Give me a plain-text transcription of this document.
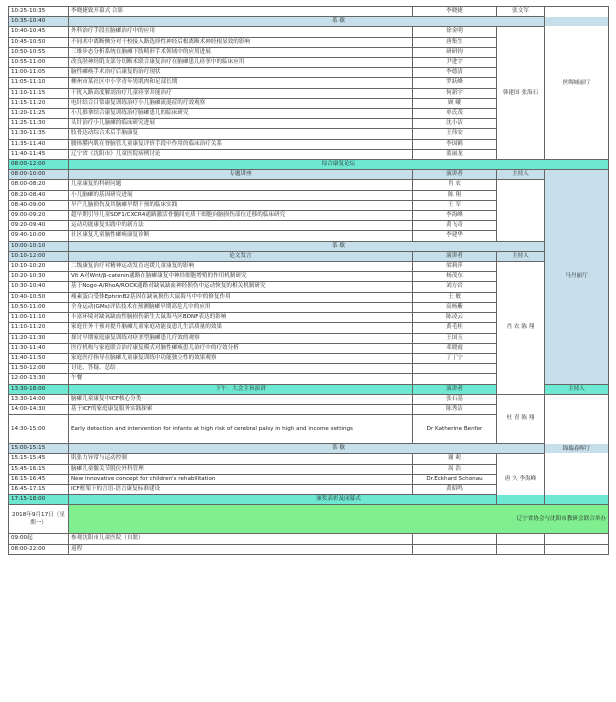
10:25-10:35	李晓捷致开幕式 合影	李晓捷	张文军	丝绸城丽厅	
10:35-10:40	茶 歇				
10:40-10:45	外科治疗手段在脑瘫治疗中的应用	徐金明	韩建国 张海石		
10:45-10:50	不同术中离断侧分对干校接入路选择性神经后根离断术神经根显效的影响	唐集生			
10:50-10:55	三维步态分析系统在脑瘫下肢畸形手术领域中的应用进展	研研钧			
10:55-11:00	改良胫神经肌支部分切断术联合康复治疗在脑瘫患儿痉挛中的临床应用	尹进宇			
11:00-11:05	脑性瘫痪手术治疗后康复的治疗现状	李德清			
11:05-11:10	柳州市某社区中小学青年男肌肉和足部长期	罗跃峰			
11:10-11:15	干扰入路高度解剖治疗儿童痉挛并能治疗	何新宇			
11:15-11:20	电针结合日常康复训练治疗小儿脑瘫流涎症的疗效观察	顾 曦			
11:20-11:25	小儿推拿结合康复训练治疗脑瘫患儿的临床研究	单氏茂			
11:25-11:30	头针治疗小儿脑瘫的临床研究进展	沈小洁			
11:30-11:35	肢骨达动综合术后手脑康复	王伟安			
11:35-11:40	腰体膜内肌在脊脑管儿童康复评价手段中作用的临床治疗关系	李国鹤			
11:40-11:45	辽宁省《沈阳市》儿童医院病例讨论	蓝丽龙			
08:00-12:00	综合康复论坛				
08:00-10:00	专题讲座	演讲者	主持人	马丹丽厅	
08:00-08:20	儿童康复的科研问题	肖 农			
08:20-08:40	小儿脑瘫的基因研究进展	陈 翔			
08:40-09:00	早产儿脑损伤及其脑瘫早期干预的临床实践	王 军			
09:00-09:20	超早期引导儿童SDF1/CXCR4通路激活骨髓间充质干细胞向脑损伤部位迁移的临床研究	李海峰			
09:20-09:40	运动功能康复实践中的新方法	黄飞奇			
09:40-10:00	社区康复儿童脑性瘫痪康复诊断	李建华			
10:00-10:10	茶 歇				
10:10-12:00	论文发言	演讲者	主持人		
10:10-10:20	二级康复治疗对精神运动发育迟缓儿童康复的影响	梁莉萍	肖 农 陈 翔		
10:20-10:30	Vit A对Wnt/β-catenin通路在脑瘫康复中神经细胞增殖的作用机制研究	杨茂东			
10:30-10:40	基于Nogo-A/RhoA/ROCK通路对缺氧缺血神经损伤中运动恢复的相关机制研究	刘方岩			
10:40-10:50	瘦素蛋白受体EphrinB2基因在缺氧损伤大鼠海马中中的修复作用	王 敏			
10:50-11:00	全身运动(GMs)评估技术在预测脑瘫早期高危儿中的应用	高杨紫			
11:00-11:10	丰富环境对缺氧缺血性脑损伤新生大鼠海马区BDNF表达的影响	陈凌云			
11:10-11:20	家庭任务干预对提升脑瘫儿童家庭功能及患儿生活质量的效果	黄毛桂			
11:20-11:30	探讨早期家庭康复训练对痉挛型脑瘫患儿疗效的观察	王国玉			
11:30-11:40	医疗机构与家庭联合治疗康复模式对脑性瘫痪患儿治疗中的疗效分析	邓晓霞			
11:40-11:50	家庭医疗指导在脑瘫儿童康复训练中功能独立性的效果观察	丁丁宁			
11:50-12:00	讨论、答疑、总结				
12:00-13:30	午餐				
13:30-18:00	下午：大会主旨演讲	演讲者		主持人	
13:30-14:00	脑瘫儿童康复中ICF核心分类	张石基	杜 青 陈 翔	锦瑞春晖厅	
14:00-14:30	基于ICF的家庭康复服务实践探索	陈秀洁			
14:30-15:00	Early detection and intervention for infants at high risk of cerebral palsy in high and income settings	Dr Katherine Benfer			
15:00-15:15	茶 歇				
15:15-15:45	肌张力异常与运动控制	谢 莉	唐 久 李海峰		
15:45-16:15	脑瘫儿童髋关节脱位外科管理	周 浩			
16:15-16:45	New innovative concept for children's rehabilitation	Dr.Eckhard Schonau			
16:45-17:15	ICF框架下的言语-语言康复标准建设	黄昭鸣			
17:15-18:00	颁奖表彰及闭幕式				
2018年9月17日（星期一）	辽宁省协会与沈阳市教研会联合举办				
09:00起	参观沈阳市儿童医院（自愿）				
08:00-22:00	返程				
